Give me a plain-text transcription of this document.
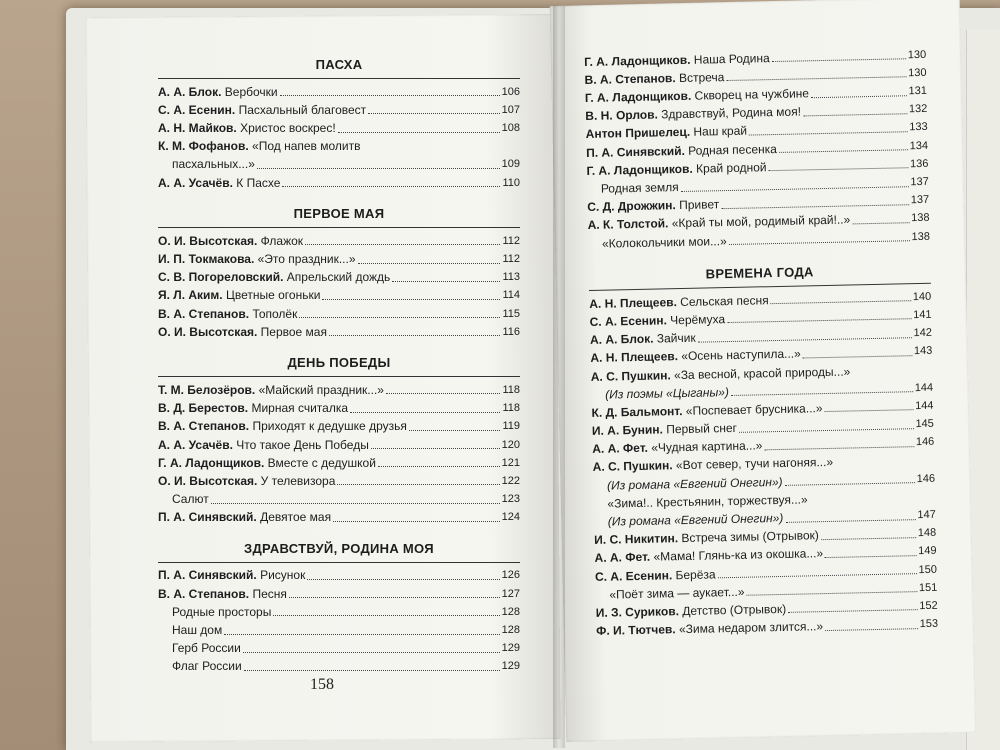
ПАСХА
А. А. Блок. Вербочки	106
С. А. Есенин. Пасхальный благовест	107
А. Н. Майков. Христос воскрес!	108
К. М. Фофанов. «Под напев молитв
пасхальных...»	109
А. А. Усачёв. К Пасхе	110
ПЕРВОЕ МАЯ
О. И. Высотская. Флажок	112
И. П. Токмакова. «Это праздник...»	112
С. В. Погореловский. Апрельский дождь	113
Я. Л. Аким. Цветные огоньки	114
В. А. Степанов. Тополёк	115
О. И. Высотская. Первое мая	116
ДЕНЬ ПОБЕДЫ
Т. М. Белозёров. «Майский праздник...»	118
В. Д. Берестов. Мирная считалка	118
В. А. Степанов. Приходят к дедушке друзья	119
А. А. Усачёв. Что такое День Победы	120
Г. А. Ладонщиков. Вместе с дедушкой	121
О. И. Высотская. У телевизора	122
Салют	123
П. А. Синявский. Девятое мая	124
ЗДРАВСТВУЙ, РОДИНА МОЯ
П. А. Синявский. Рисунок	126
В. А. Степанов. Песня	127
Родные просторы	128
Наш дом	128
Герб России	129
Флаг России	129
Г. А. Ладонщиков. Наша Родина	130
В. А. Степанов. Встреча	130
Г. А. Ладонщиков. Скворец на чужбине	131
В. Н. Орлов. Здравствуй, Родина моя!	132
Антон Пришелец. Наш край	133
П. А. Синявский. Родная песенка	134
Г. А. Ладонщиков. Край родной	136
Родная земля	137
С. Д. Дрожжин. Привет	137
А. К. Толстой. «Край ты мой, родимый край!..»	138
«Колокольчики мои...»	138
ВРЕМЕНА ГОДА
А. Н. Плещеев. Сельская песня	140
С. А. Есенин. Черёмуха	141
А. А. Блок. Зайчик	142
А. Н. Плещеев. «Осень наступила...»	143
А. С. Пушкин. «За весной, красой природы...»
(Из поэмы «Цыганы»)	144
К. Д. Бальмонт. «Поспевает брусника...»	144
И. А. Бунин. Первый снег	145
А. А. Фет. «Чудная картина...»	146
А. С. Пушкин. «Вот север, тучи нагоняя...»
(Из романа «Евгений Онегин»)	146
«Зима!.. Крестьянин, торжествуя...»
(Из романа «Евгений Онегин»)	147
И. С. Никитин. Встреча зимы (Отрывок)	148
А. А. Фет. «Мама! Глянь-ка из окошка...»	149
С. А. Есенин. Берёза	150
«Поёт зима — аукает...»	151
И. З. Суриков. Детство (Отрывок)	152
Ф. И. Тютчев. «Зима недаром злится...»	153
158
